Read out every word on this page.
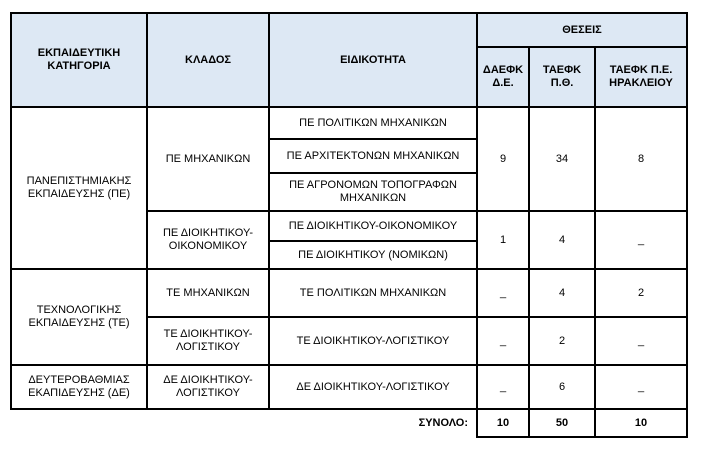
ΕΚΠΑΙΔΕΥΤΙΚΗ ΚΑΤΗΓΟΡΙΑ	ΚΛΑΔΟΣ	ΕΙΔΙΚΟΤΗΤΑ	ΘΕΣΕΙΣ		
			ΔΑΕΦΚ Δ.Ε.	ΤΑΕΦΚ Π.Θ.	ΤΑΕΦΚ Π.Ε. ΗΡΑΚΛΕΙΟΥ
ΠΑΝΕΠΙΣΤΗΜΙΑΚΗΣ ΕΚΠΑΙΔΕΥΣΗΣ (ΠΕ)	ΠΕ ΜΗΧΑΝΙΚΩΝ	ΠΕ ΠΟΛΙΤΙΚΩΝ ΜΗΧΑΝΙΚΩΝ	9	34	8
		ΠΕ ΑΡΧΙΤΕΚΤΟΝΩΝ ΜΗΧΑΝΙΚΩΝ			
		ΠΕ ΑΓΡΟΝΟΜΩΝ ΤΟΠΟΓΡΑΦΩΝ ΜΗΧΑΝΙΚΩΝ			
	ΠΕ ΔΙΟΙΚΗΤΙΚΟΥ-ΟΙΚΟΝΟΜΙΚΟΥ	ΠΕ ΔΙΟΙΚΗΤΙΚΟΥ-ΟΙΚΟΝΟΜΙΚΟΥ	1	4	_
		ΠΕ ΔΙΟΙΚΗΤΙΚΟΥ (ΝΟΜΙΚΩΝ)			
ΤΕΧΝΟΛΟΓΙΚΗΣ ΕΚΠΑΙΔΕΥΣΗΣ (ΤΕ)	ΤΕ ΜΗΧΑΝΙΚΩΝ	ΤΕ ΠΟΛΙΤΙΚΩΝ ΜΗΧΑΝΙΚΩΝ	_	4	2
	ΤΕ ΔΙΟΙΚΗΤΙΚΟΥ-ΛΟΓΙΣΤΙΚΟΥ	ΤΕ ΔΙΟΙΚΗΤΙΚΟΥ-ΛΟΓΙΣΤΙΚΟΥ	_	2	_
ΔΕΥΤΕΡΟΒΑΘΜΙΑΣ ΕΚΑΠΙΔΕΥΣΗΣ (ΔΕ)	ΔΕ ΔΙΟΙΚΗΤΙΚΟΥ-ΛΟΓΙΣΤΙΚΟΥ	ΔΕ ΔΙΟΙΚΗΤΙΚΟΥ-ΛΟΓΙΣΤΙΚΟΥ	_	6	_
		ΣΥΝΟΛΟ:	10	50	10
